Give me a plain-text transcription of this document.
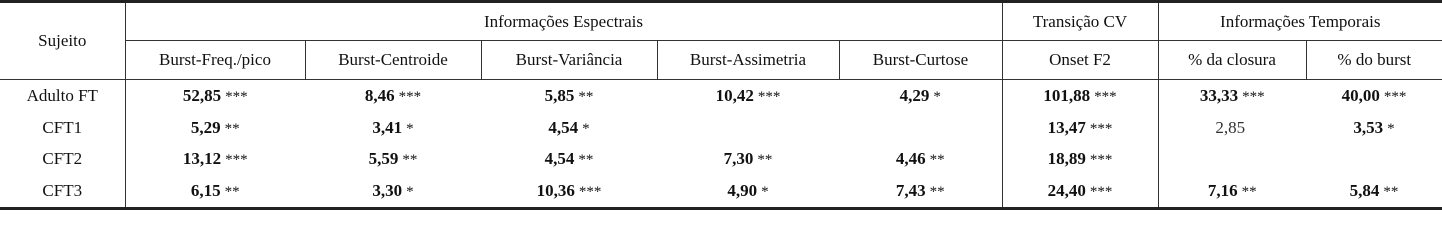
Sujeito	Informações Espectrais					Transição CV	Informações Temporais	
	Burst-Freq./pico	Burst-Centroide	Burst-Variância	Burst-Assimetria	Burst-Curtose	Onset F2	% da closura	% do burst
Adulto FT	52,85 ***	8,46 ***	5,85 **	10,42 ***	4,29 *	101,88 ***	33,33 ***	40,00 ***
CFT1	5,29 **	3,41 *	4,54 *			13,47 ***	2,85	3,53 *
CFT2	13,12 ***	5,59 **	4,54 **	7,30 **	4,46 **	18,89 ***		
CFT3	6,15 **	3,30 *	10,36 ***	4,90 *	7,43 **	24,40 ***	7,16 **	5,84 **
